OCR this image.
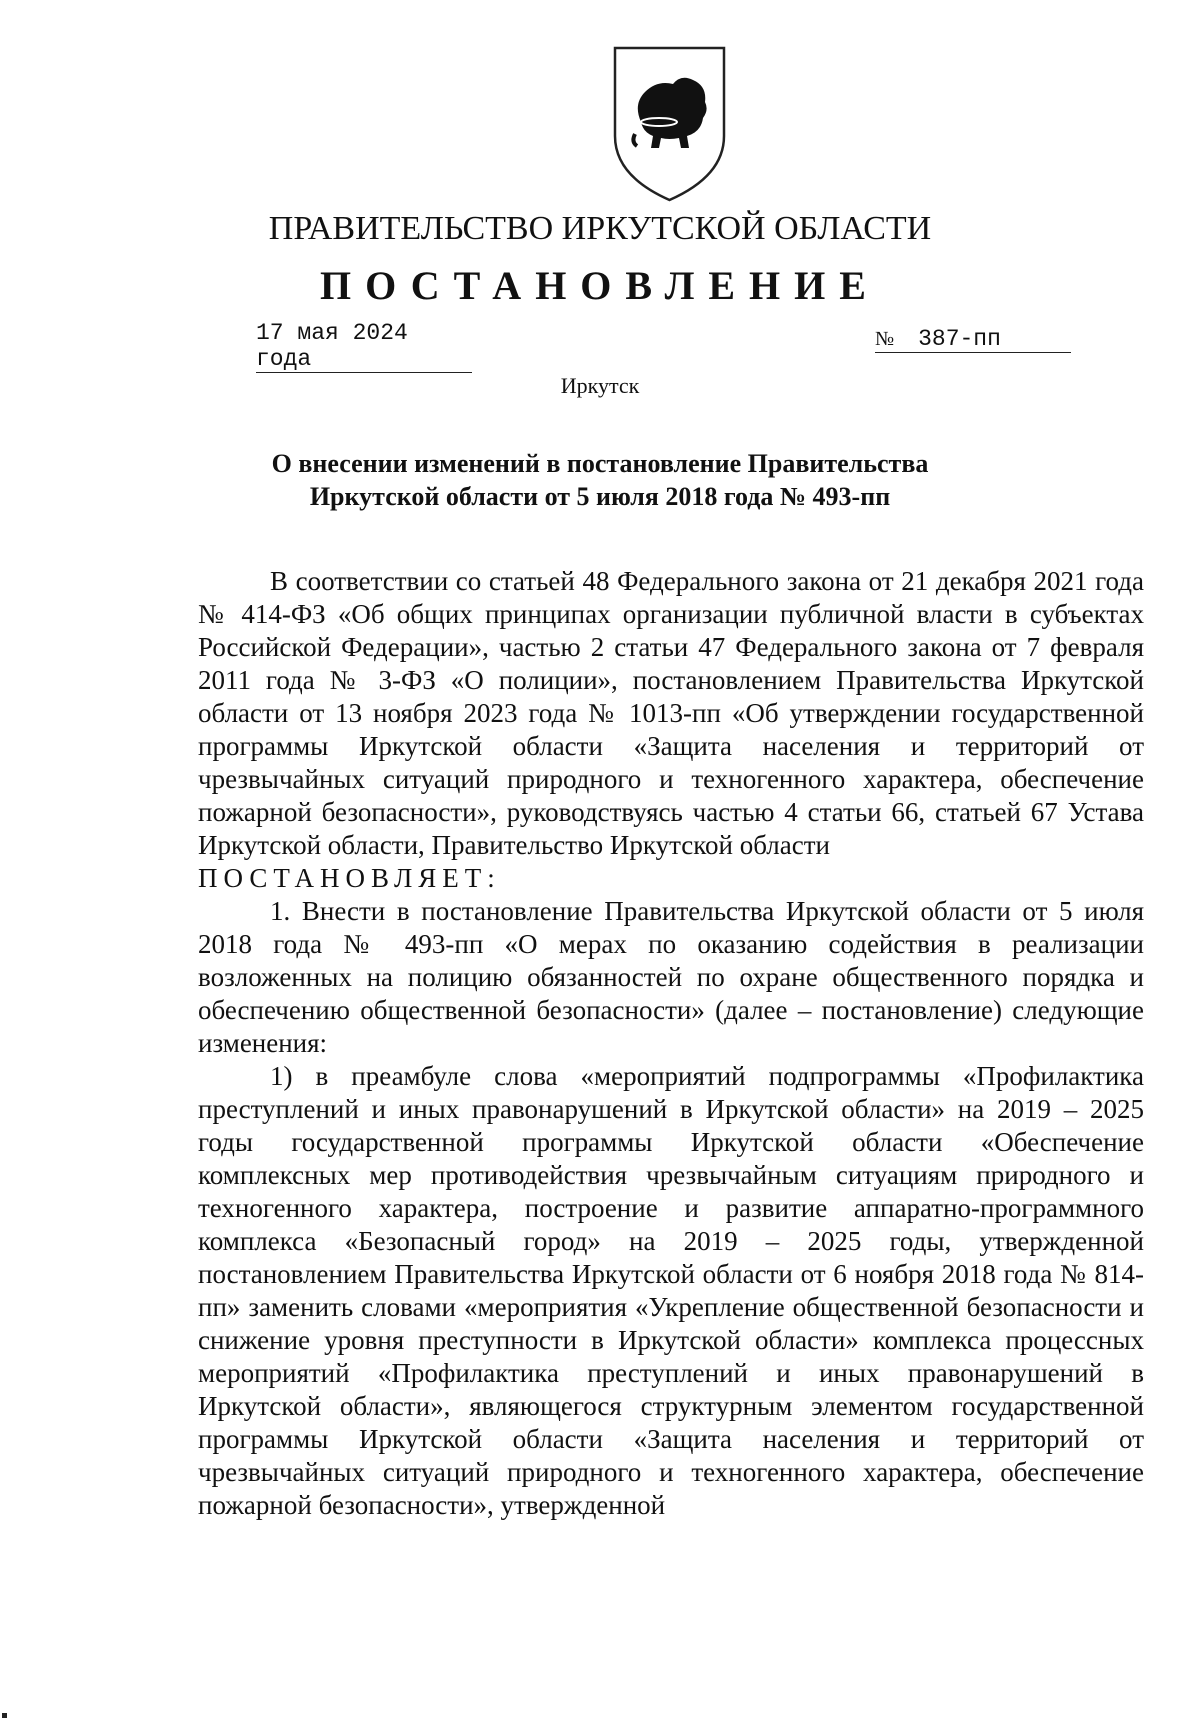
ПРАВИТЕЛЬСТВО ИРКУТСКОЙ ОБЛАСТИ
ПОСТАНОВЛЕНИЕ
17 мая 2024 года
№ 387-пп
Иркутск
О внесении изменений в постановление Правительства
Иркутской области от 5 июля 2018 года № 493-пп

В соответствии со статьей 48 Федерального закона от 21 декабря 2021 года № 414-ФЗ «Об общих принципах организации публичной власти в субъектах Российской Федерации», частью 2 статьи 47 Федерального закона от 7 февраля 2011 года № 3-ФЗ «О полиции», постановлением Правительства Иркутской области от 13 ноября 2023 года № 1013-пп «Об утверждении государственной программы Иркутской области «Защита населения и территорий от чрезвычайных ситуаций природного и техногенного характера, обеспечение пожарной безопасности», руководствуясь частью 4 статьи 66, статьей 67 Устава Иркутской области, Правительство Иркутской области

ПОСТАНОВЛЯЕТ:

1. Внести в постановление Правительства Иркутской области от 5 июля 2018 года № 493-пп «О мерах по оказанию содействия в реализации возложенных на полицию обязанностей по охране общественного порядка и обеспечению общественной безопасности» (далее – постановление) следующие изменения:

1) в преамбуле слова «мероприятий подпрограммы «Профилактика преступлений и иных правонарушений в Иркутской области» на 2019 – 2025 годы государственной программы Иркутской области «Обеспечение комплексных мер противодействия чрезвычайным ситуациям природного и техногенного характера, построение и развитие аппаратно-программного комплекса «Безопасный город» на 2019 – 2025 годы, утвержденной постановлением Правительства Иркутской области от 6 ноября 2018 года № 814-пп» заменить словами «мероприятия «Укрепление общественной безопасности и снижение уровня преступности в Иркутской области» комплекса процессных мероприятий «Профилактика преступлений и иных правонарушений в Иркутской области», являющегося структурным элементом государственной программы Иркутской области «Защита населения и территорий от чрезвычайных ситуаций природного и техногенного характера, обеспечение пожарной безопасности», утвержденной
